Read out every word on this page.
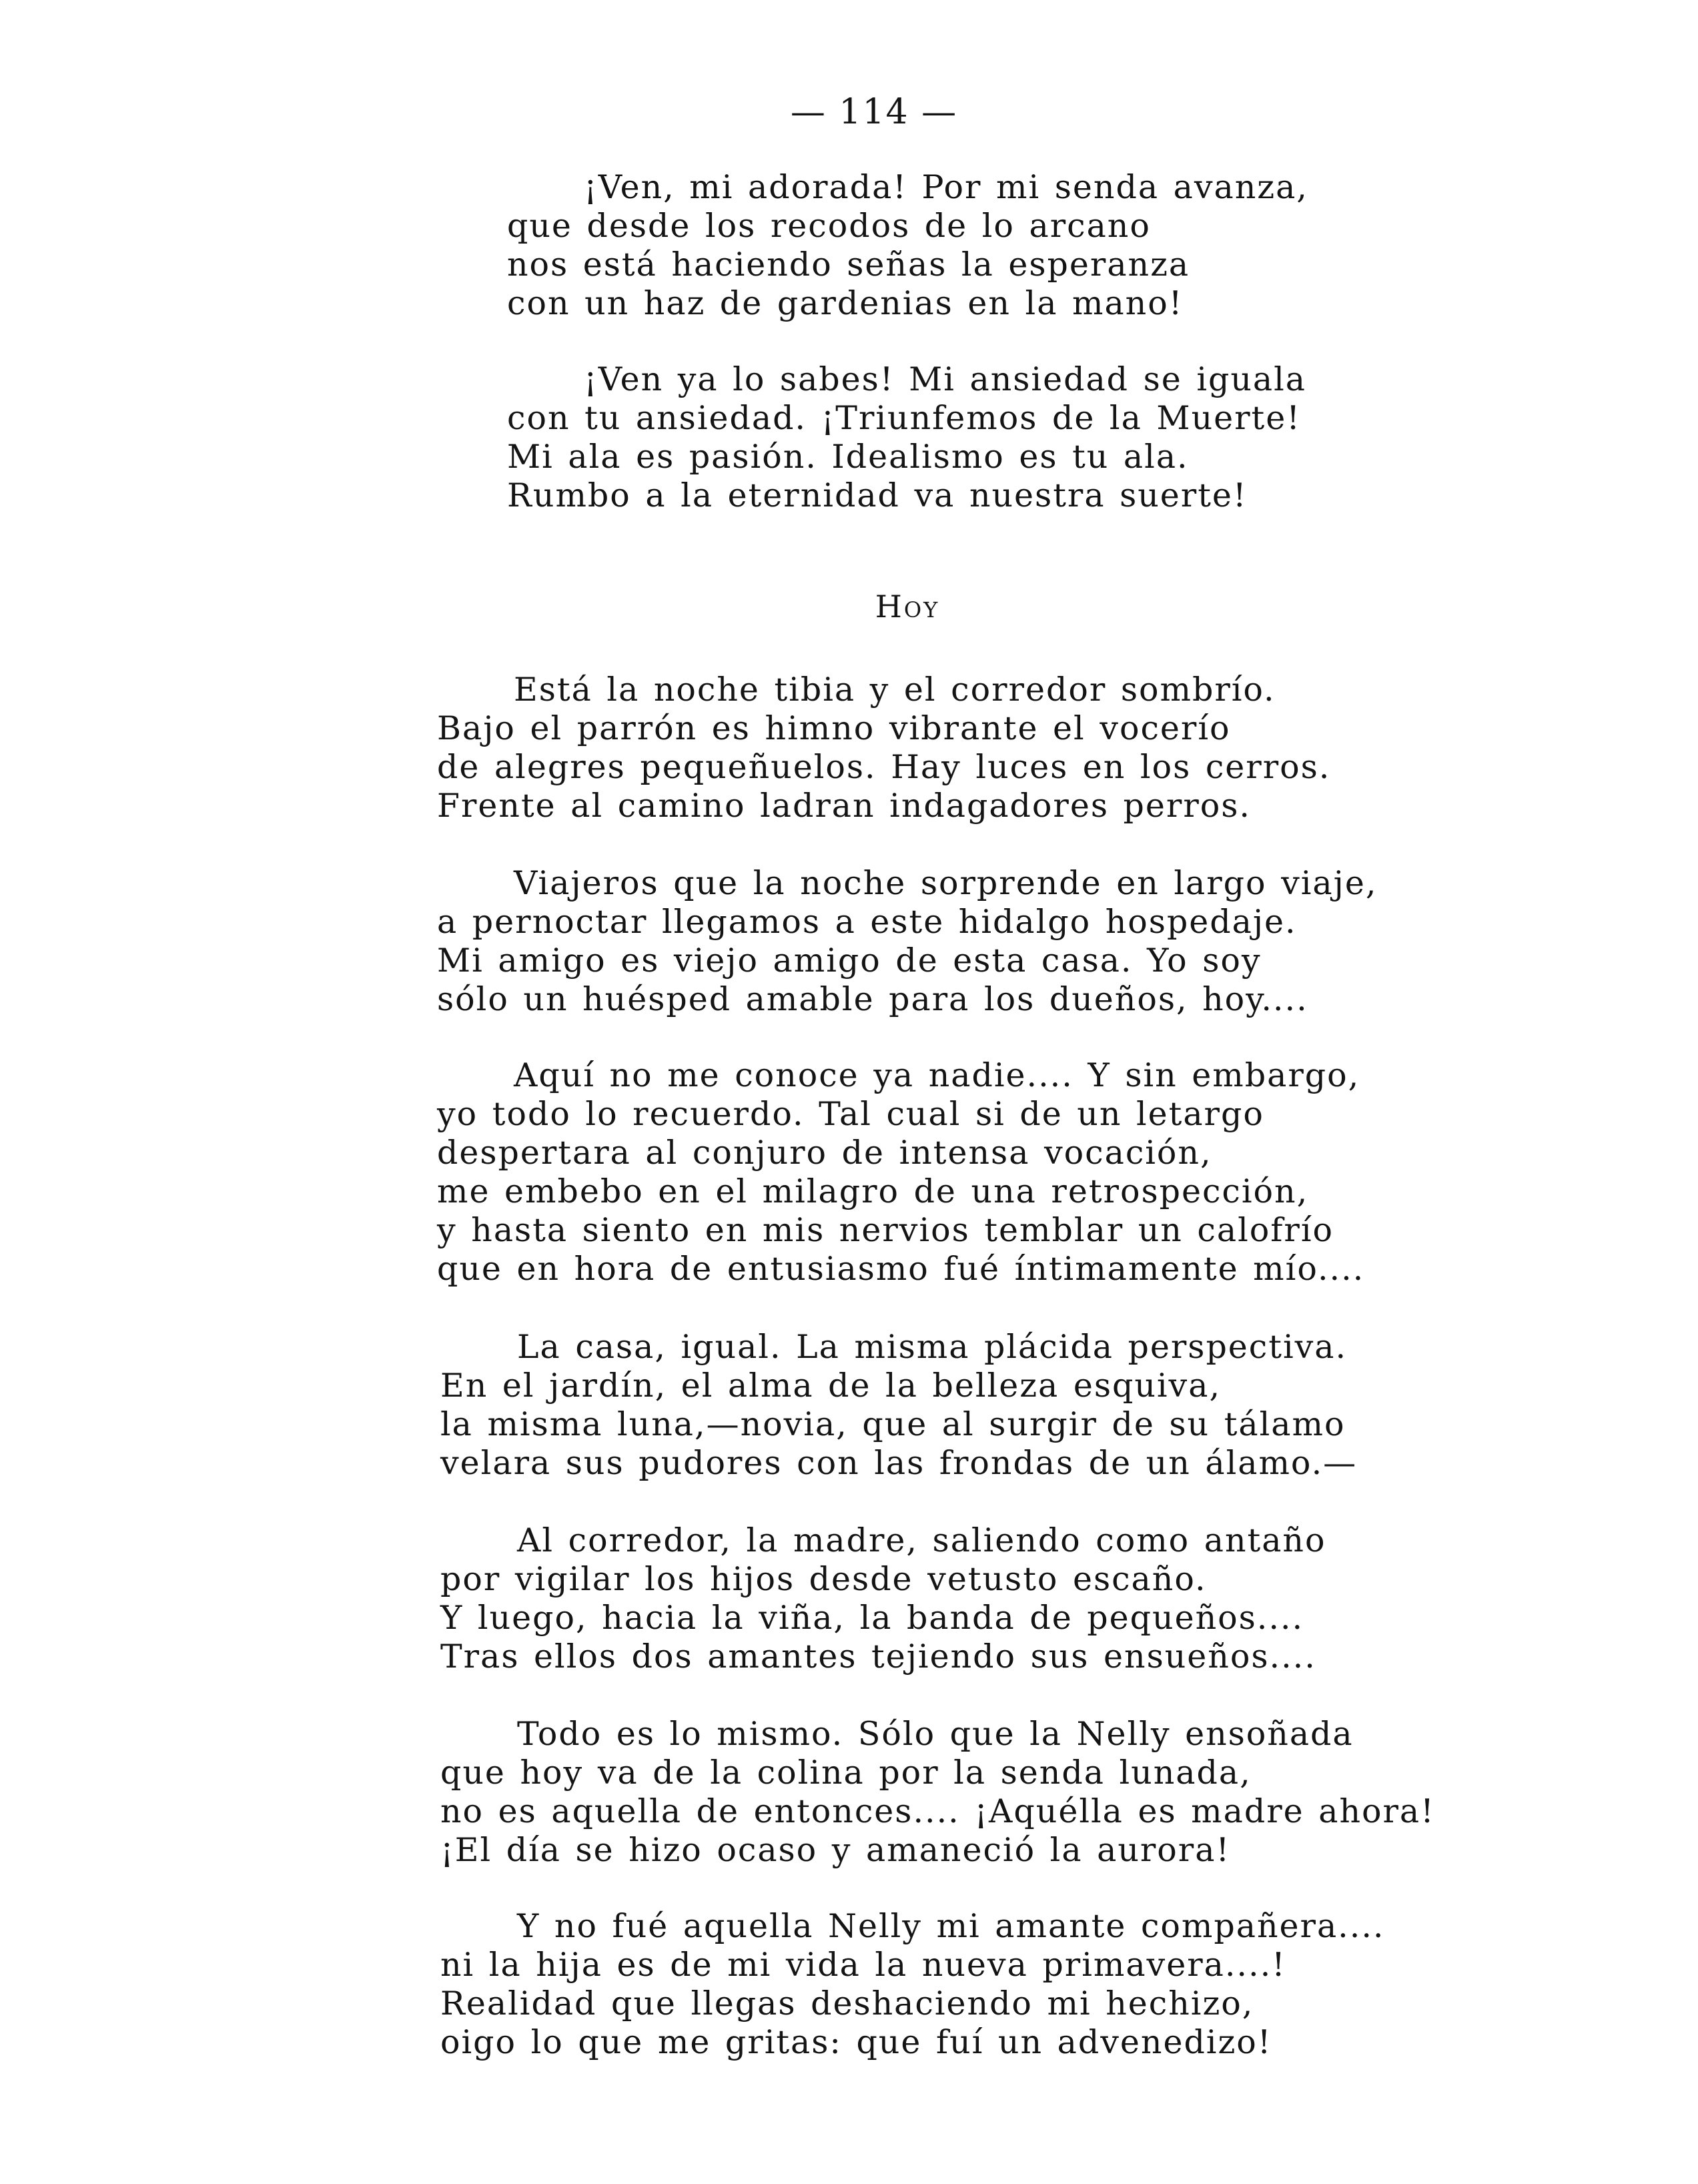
— 114 —
¡Ven, mi adorada! Por mi senda avanza,
que desde los recodos de lo arcano
nos está haciendo señas la esperanza
con un haz de gardenias en la mano!
¡Ven ya lo sabes! Mi ansiedad se iguala
con tu ansiedad. ¡Triunfemos de la Muerte!
Mi ala es pasión. Idealismo es tu ala.
Rumbo a la eternidad va nuestra suerte!
Hoy
Está la noche tibia y el corredor sombrío.
Bajo el parrón es himno vibrante el vocerío
de alegres pequeñuelos. Hay luces en los cerros.
Frente al camino ladran indagadores perros.
Viajeros que la noche sorprende en largo viaje,
a pernoctar llegamos a este hidalgo hospedaje.
Mi amigo es viejo amigo de esta casa. Yo soy
sólo un huésped amable para los dueños, hoy....
Aquí no me conoce ya nadie.... Y sin embargo,
yo todo lo recuerdo. Tal cual si de un letargo
despertara al conjuro de intensa vocación,
me embebo en el milagro de una retrospección,
y hasta siento en mis nervios temblar un calofrío
que en hora de entusiasmo fué íntimamente mío....
La casa, igual. La misma plácida perspectiva.
En el jardín, el alma de la belleza esquiva,
la misma luna,—novia, que al surgir de su tálamo
velara sus pudores con las frondas de un álamo.—
Al corredor, la madre, saliendo como antaño
por vigilar los hijos desde vetusto escaño.
Y luego, hacia la viña, la banda de pequeños....
Tras ellos dos amantes tejiendo sus ensueños....
Todo es lo mismo. Sólo que la Nelly ensoñada
que hoy va de la colina por la senda lunada,
no es aquella de entonces.... ¡Aquélla es madre ahora!
¡El día se hizo ocaso y amaneció la aurora!
Y no fué aquella Nelly mi amante compañera....
ni la hija es de mi vida la nueva primavera....!
Realidad que llegas deshaciendo mi hechizo,
oigo lo que me gritas: que fuí un advenedizo!
